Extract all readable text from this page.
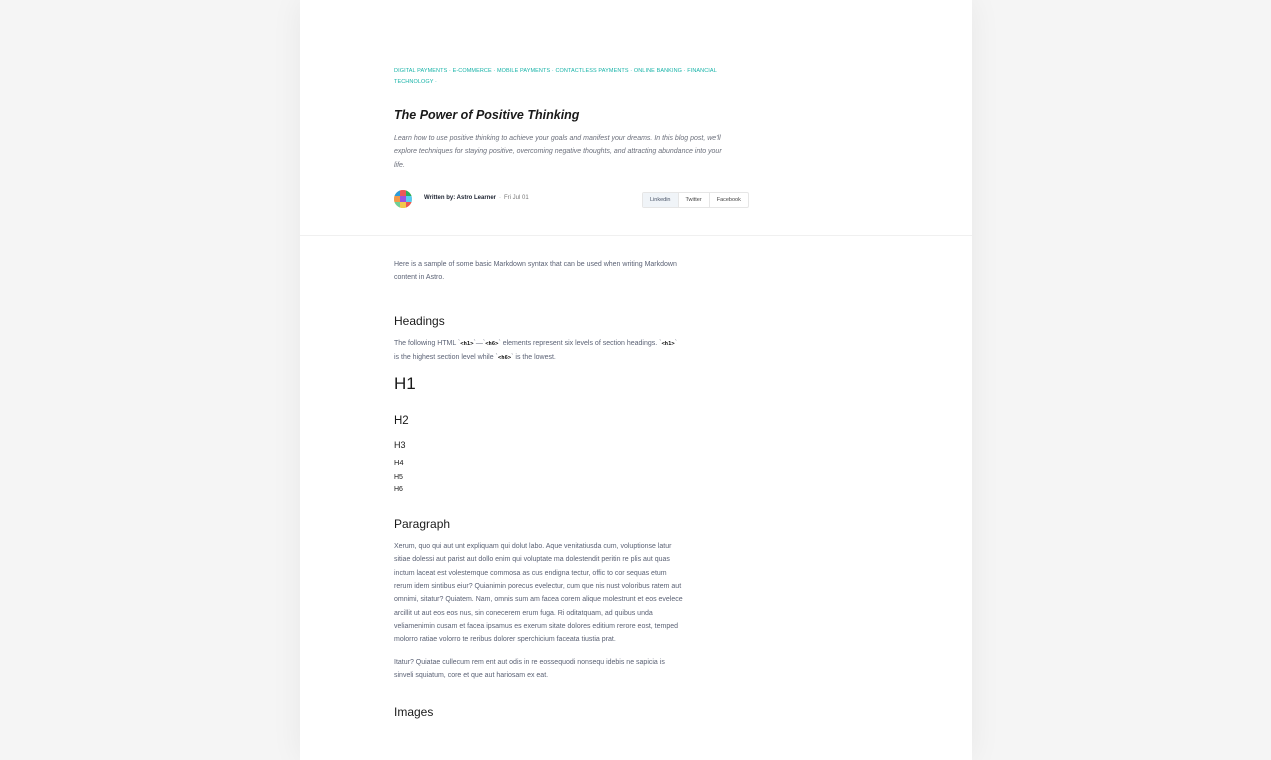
DIGITAL PAYMENTS · E-COMMERCE · MOBILE PAYMENTS · CONTACTLESS PAYMENTS · ONLINE BANKING · FINANCIAL TECHNOLOGY ·
The Power of Positive Thinking

Learn how to use positive thinking to achieve your goals and manifest your dreams. In this blog post, we'll explore techniques for staying positive, overcoming negative thoughts, and attracting abundance into your life.

Written by: Astro Learner · Fri Jul 01	Linkedin	Twitter	Facebook

Here is a sample of some basic Markdown syntax that can be used when writing Markdown content in Astro.

Headings

The following HTML `<h1>`—`<h6>` elements represent six levels of section headings. `<h1>` is the highest section level while `<h6>` is the lowest.

H1
H2
H3
H4
H5
H6
Paragraph

Xerum, quo qui aut unt expliquam qui dolut labo. Aque venitatiusda cum, voluptionse latur sitiae dolessi aut parist aut dollo enim qui voluptate ma dolestendit peritin re plis aut quas inctum laceat est volestemque commosa as cus endigna tectur, offic to cor sequas etum rerum idem sintibus eiur? Quianimin porecus evelectur, cum que nis nust voloribus ratem aut omnimi, sitatur? Quiatem. Nam, omnis sum am facea corem alique molestrunt et eos evelece arcillit ut aut eos eos nus, sin conecerem erum fuga. Ri oditatquam, ad quibus unda veliamenimin cusam et facea ipsamus es exerum sitate dolores editium rerore eost, temped molorro ratiae volorro te reribus dolorer sperchicium faceata tiustia prat.

Itatur? Quiatae cullecum rem ent aut odis in re eossequodi nonsequ idebis ne sapicia is sinveli squiatum, core et que aut hariosam ex eat.

Images
